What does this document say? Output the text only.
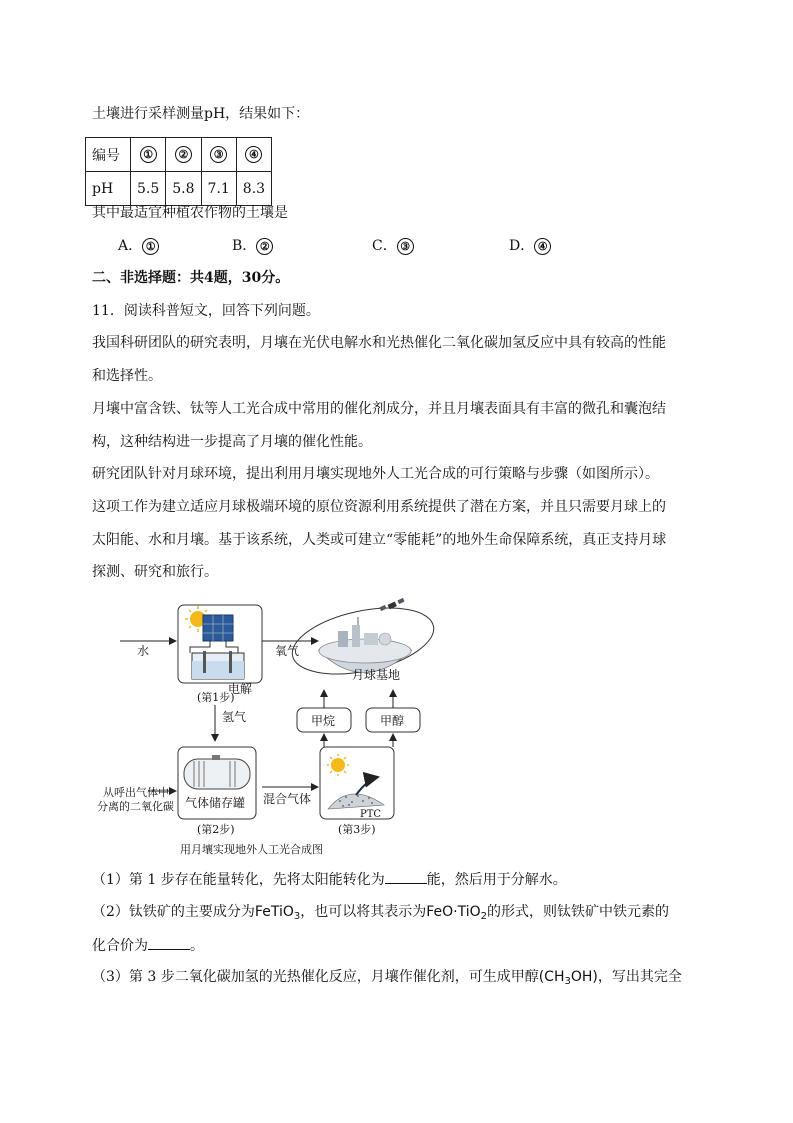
土壤进行采样测量pH，结果如下：
编号	①	②	③	④
pH	5.5	5.8	7.1	8.3
其中最适宜种植农作物的土壤是
A． ①	B． ②	C． ③	D． ④
二、非选择题：共4题，30分。
11．阅读科普短文，回答下列问题。
我国科研团队的研究表明，月壤在光伏电解水和光热催化二氧化碳加氢反应中具有较高的性能
和选择性。
月壤中富含铁、钛等人工光合成中常用的催化剂成分，并且月壤表面具有丰富的微孔和囊泡结
构，这种结构进一步提高了月壤的催化性能。
研究团队针对月球环境，提出利用月壤实现地外人工光合成的可行策略与步骤（如图所示）。
这项工作为建立适应月球极端环境的原位资源利用系统提供了潜在方案，并且只需要月球上的
太阳能、水和月壤。基于该系统，人类或可建立“零能耗”的地外生命保障系统，真正支持月球
探测、研究和旅行。
水
电解
(第1步)
氧气
月球基地
氢气	甲烷	甲醇
从呼出气体中
分离的二氧化碳 气体储存罐
(第2步)
混合气体
PTC
(第3步)
用月壤实现地外人工光合成图
（1）第 1 步存在能量转化，先将太阳能转化为	能，然后用于分解水。
（2）钛铁矿的主要成分为FeTiO$_3$，也可以将其表示为FeO·TiO$_2$的形式，则钛铁矿中铁元素的
化合价为	。
（3）第 3 步二氧化碳加氢的光热催化反应，月壤作催化剂，可生成甲醇$(CH_3OH)$，写出其完全
